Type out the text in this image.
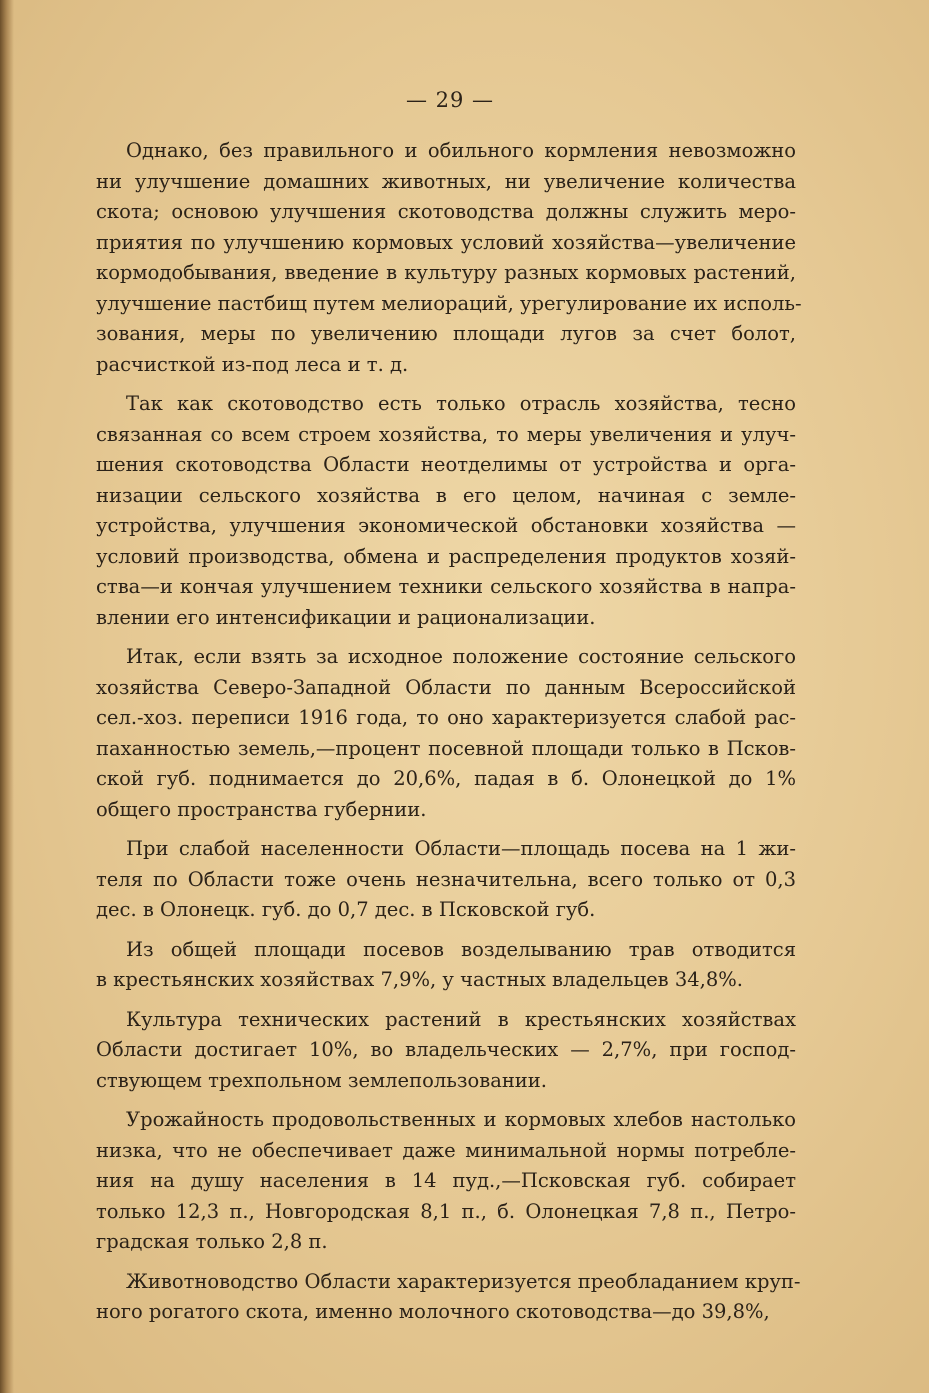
— 29 —
Однако, без правильного и обильного кормления невозможно
ни улучшение домашних животных, ни увеличение количества
скота; основою улучшения скотоводства должны служить меро-
приятия по улучшению кормовых условий хозяйства—увеличение
кормодобывания, введение в культуру разных кормовых растений,
улучшение пастбищ путем мелиораций, урегулирование их исполь-
зования, меры по увеличению площади лугов за счет болот,
расчисткой из-под леса и т. д.
Так как скотоводство есть только отрасль хозяйства, тесно
связанная со всем строем хозяйства, то меры увеличения и улуч-
шения скотоводства Области неотделимы от устройства и орга-
низации сельского хозяйства в его целом, начиная с земле-
устройства, улучшения экономической обстановки хозяйства —
условий производства, обмена и распределения продуктов хозяй-
ства—и кончая улучшением техники сельского хозяйства в напра-
влении его интенсификации и рационализации.
Итак, если взять за исходное положение состояние сельского
хозяйства Северо-Западной Области по данным Всероссийской
сел.-хоз. переписи 1916 года, то оно характеризуется слабой рас-
паханностью земель,—процент посевной площади только в Псков-
ской губ. поднимается до 20,6%, падая в б. Олонецкой до 1%
общего пространства губернии.
При слабой населенности Области—площадь посева на 1 жи-
теля по Области тоже очень незначительна, всего только от 0,3
дес. в Олонецк. губ. до 0,7 дес. в Псковской губ.
Из общей площади посевов возделыванию трав отводится
в крестьянских хозяйствах 7,9%, у частных владельцев 34,8%.
Культура технических растений в крестьянских хозяйствах
Области достигает 10%, во владельческих — 2,7%, при господ-
ствующем трехпольном землепользовании.
Урожайность продовольственных и кормовых хлебов настолько
низка, что не обеспечивает даже минимальной нормы потребле-
ния на душу населения в 14 пуд.,—Псковская губ. собирает
только 12,3 п., Новгородская 8,1 п., б. Олонецкая 7,8 п., Петро-
градская только 2,8 п.
Животноводство Области характеризуется преобладанием круп-
ного рогатого скота, именно молочного скотоводства—до 39,8%,
